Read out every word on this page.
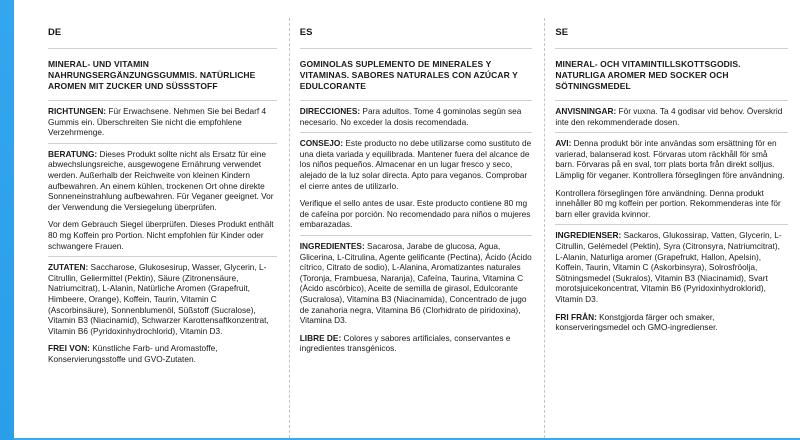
DE
MINERAL- UND VITAMIN NAHRUNGSERGÄNZUNGSGUMMIS. NATÜRLICHE AROMEN MIT ZUCKER UND SÜSSSTOFF
RICHTUNGEN: Für Erwachsene. Nehmen Sie bei Bedarf 4 Gummis ein. Überschreiten Sie nicht die empfohlene Verzehrmenge.
BERATUNG: Dieses Produkt sollte nicht als Ersatz für eine abwechslungsreiche, ausgewogene Ernährung verwendet werden. Außerhalb der Reichweite von kleinen Kindern aufbewahren. An einem kühlen, trockenen Ort ohne direkte Sonneneinstrahlung aufbewahren. Für Veganer geeignet. Vor der Verwendung die Versiegelung überprüfen.
Vor dem Gebrauch Siegel überprüfen. Dieses Produkt enthält 80 mg Koffein pro Portion. Nicht empfohlen für Kinder oder schwangere Frauen.
ZUTATEN: Saccharose, Glukosesirup, Wasser, Glycerin, L-Citrullin, Geliermittel (Pektin), Säure (Zitronensäure, Natriumcitrat), L-Alanin, Natürliche Aromen (Grapefruit, Himbeere, Orange), Koffein, Taurin, Vitamin C (Ascorbinsäure), Sonnenblumenöl, Süßstoff (Sucralose), Vitamin B3 (Niacinamid), Schwarzer Karottensaftkonzentrat, Vitamin B6 (Pyridoxinhydrochlorid), Vitamin D3.
FREI VON: Künstliche Farb- und Aromastoffe, Konservierungsstoffe und GVO-Zutaten.
ES
GOMINOLAS SUPLEMENTO DE MINERALES Y VITAMINAS. SABORES NATURALES CON AZÚCAR Y EDULCORANTE
DIRECCIONES: Para adultos. Tome 4 gominolas según sea necesario. No exceder la dosis recomendada.
CONSEJO: Este producto no debe utilizarse como sustituto de una dieta variada y equilibrada. Mantener fuera del alcance de los niños pequeños. Almacenar en un lugar fresco y seco, alejado de la luz solar directa. Apto para veganos. Comprobar el cierre antes de utilizarlo.
Verifique el sello antes de usar. Este producto contiene 80 mg de cafeína por porción. No recomendado para niños o mujeres embarazadas.
INGREDIENTES: Sacarosa, Jarabe de glucosa, Agua, Glicerina, L-Citrulina, Agente gelificante (Pectina), Ácido (Ácido cítrico, Citrato de sodio), L-Alanina, Aromatizantes naturales (Toronja, Frambuesa, Naranja), Cafeína, Taurina, Vitamina C (Ácido ascórbico), Aceite de semilla de girasol, Edulcorante (Sucralosa), Vitamina B3 (Niacinamida), Concentrado de jugo de zanahoria negra, Vitamina B6 (Clorhidrato de piridoxina), Vitamina D3.
LIBRE DE: Colores y sabores artificiales, conservantes e ingredientes transgénicos.
SE
MINERAL- OCH VITAMINTILLSKOTTSGODIS. NATURLIGA AROMER MED SOCKER OCH SÖTNINGSMEDEL
ANVISNINGAR: För vuxna. Ta 4 godisar vid behov. Överskrid inte den rekommenderade dosen.
AVI: Denna produkt bör inte användas som ersättning för en varierad, balanserad kost. Förvaras utom räckhåll för små barn. Förvaras på en sval, torr plats borta från direkt solljus. Lämplig för veganer. Kontrollera förseglingen före användning.
Kontrollera förseglingen före användning. Denna produkt innehåller 80 mg koffein per portion. Rekommenderas inte för barn eller gravida kvinnor.
INGREDIENSER: Sackaros, Glukossirap, Vatten, Glycerin, L-Citrullin, Gelémedel (Pektin), Syra (Citronsyra, Natriumcitrat), L-Alanin, Naturliga aromer (Grapefrukt, Hallon, Apelsin), Koffein, Taurin, Vitamin C (Askorbinsyra), Solrosfröolja, Sötningsmedel (Sukralos), Vitamin B3 (Niacinamid), Svart morotsjuicekoncentrat, Vitamin B6 (Pyridoxinhydroklorid), Vitamin D3.
FRI FRÅN: Konstgjorda färger och smaker, konserveringsmedel och GMO-ingredienser.
